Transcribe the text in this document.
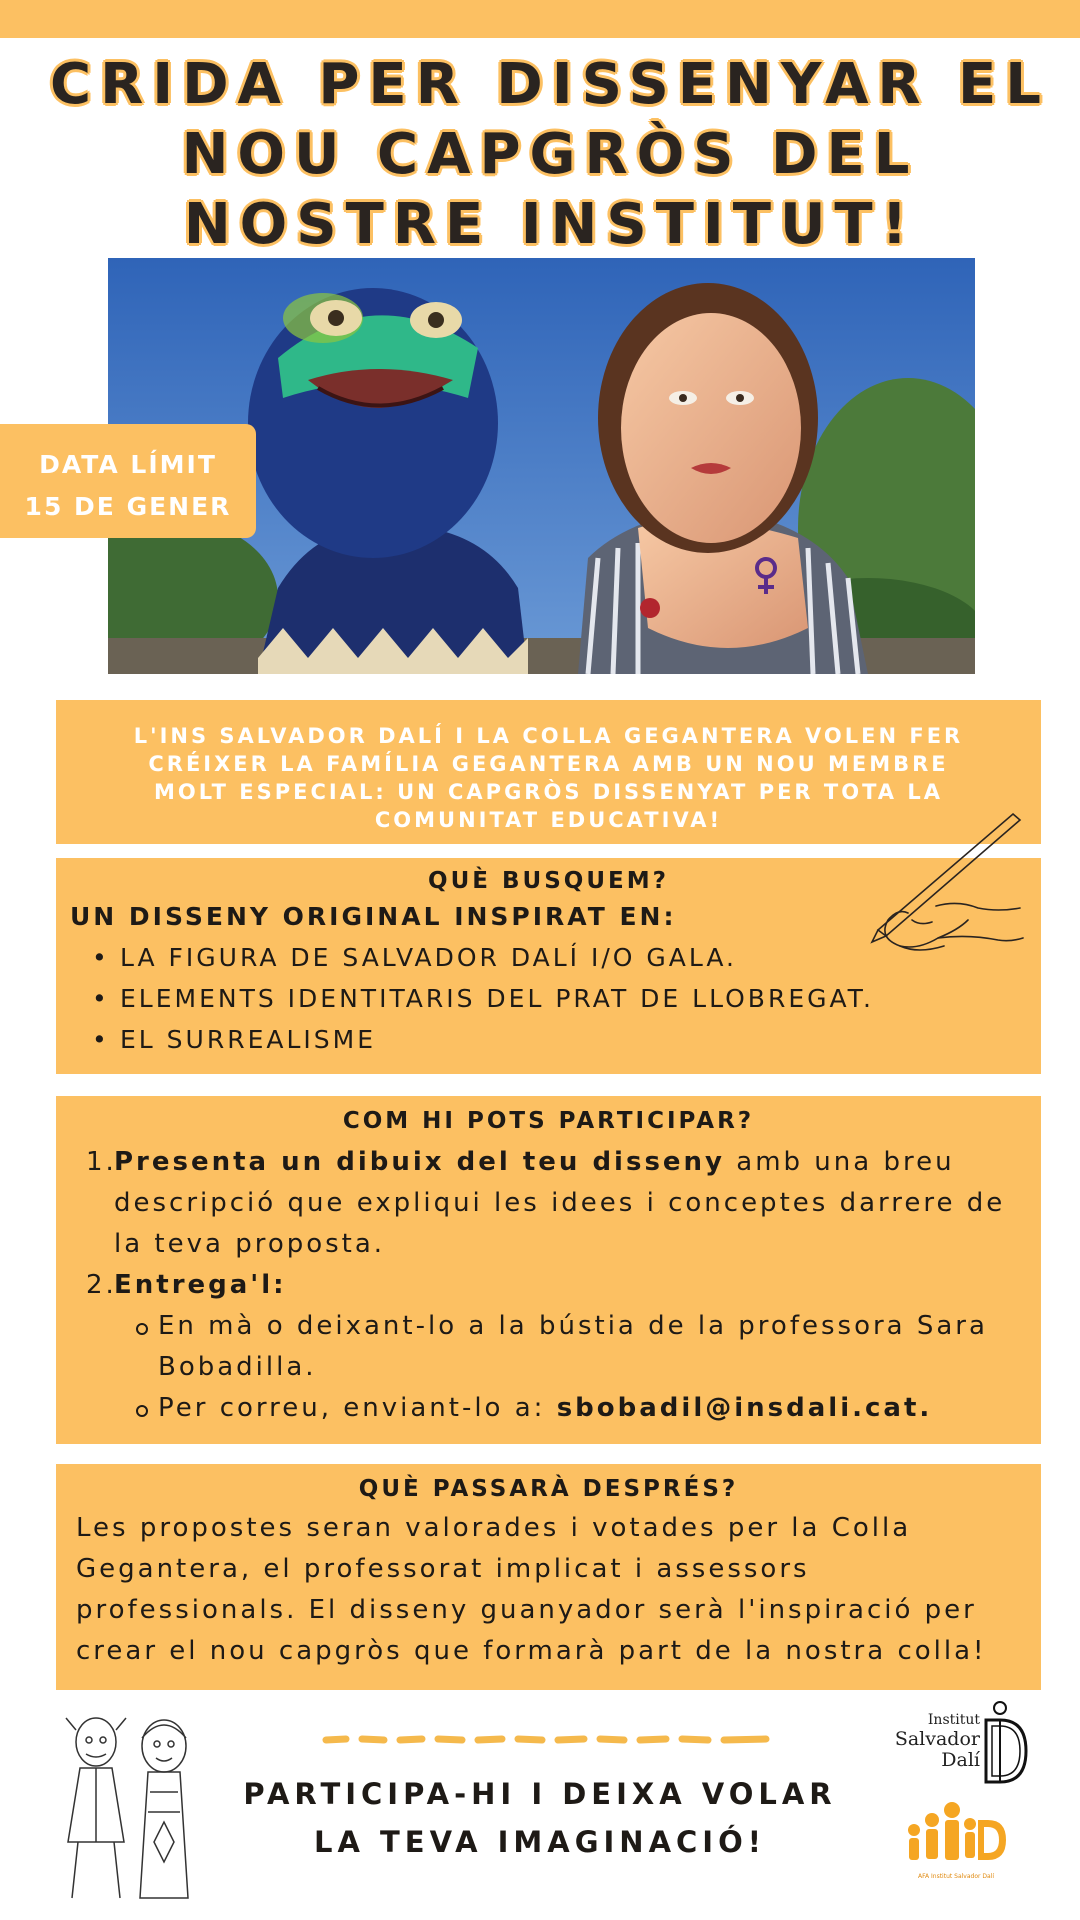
CRIDA PER DISSENYAR EL
NOU CAPGRÒS DEL
NOSTRE INSTITUT!
DATA LÍMIT
15 DE GENER

L'INS SALVADOR DALÍ I LA COLLA GEGANTERA VOLEN FER CRÉIXER LA FAMÍLIA GEGANTERA AMB UN NOU MEMBRE MOLT ESPECIAL: UN CAPGRÒS DISSENYAT PER TOTA LA COMUNITAT EDUCATIVA!

QUÈ BUSQUEM?
UN DISSENY ORIGINAL INSPIRAT EN:
• LA FIGURA DE SALVADOR DALÍ I/O GALA.
• ELEMENTS IDENTITARIS DEL PRAT DE LLOBREGAT.
• EL SURREALISME
COM HI POTS PARTICIPAR?
1.
Presenta un dibuix del teu disseny amb una breu descripció que expliqui les idees i conceptes darrere de la teva proposta.
2.
Entrega'l:
En mà o deixant-lo a la bústia de la professora Sara Bobadilla.
Per correu, enviant-lo a: sbobadil@insdali.cat.
QUÈ PASSARÀ DESPRÉS?

Les propostes seran valorades i votades per la Colla Gegantera, el professorat implicat i assessors professionals. El disseny guanyador serà l'inspiració per crear el nou capgròs que formarà part de la nostra colla!

PARTICIPA-HI I DEIXA VOLAR
LA TEVA IMAGINACIÓ!
Institut
Salvador
Dalí
AFA Institut Salvador Dalí
